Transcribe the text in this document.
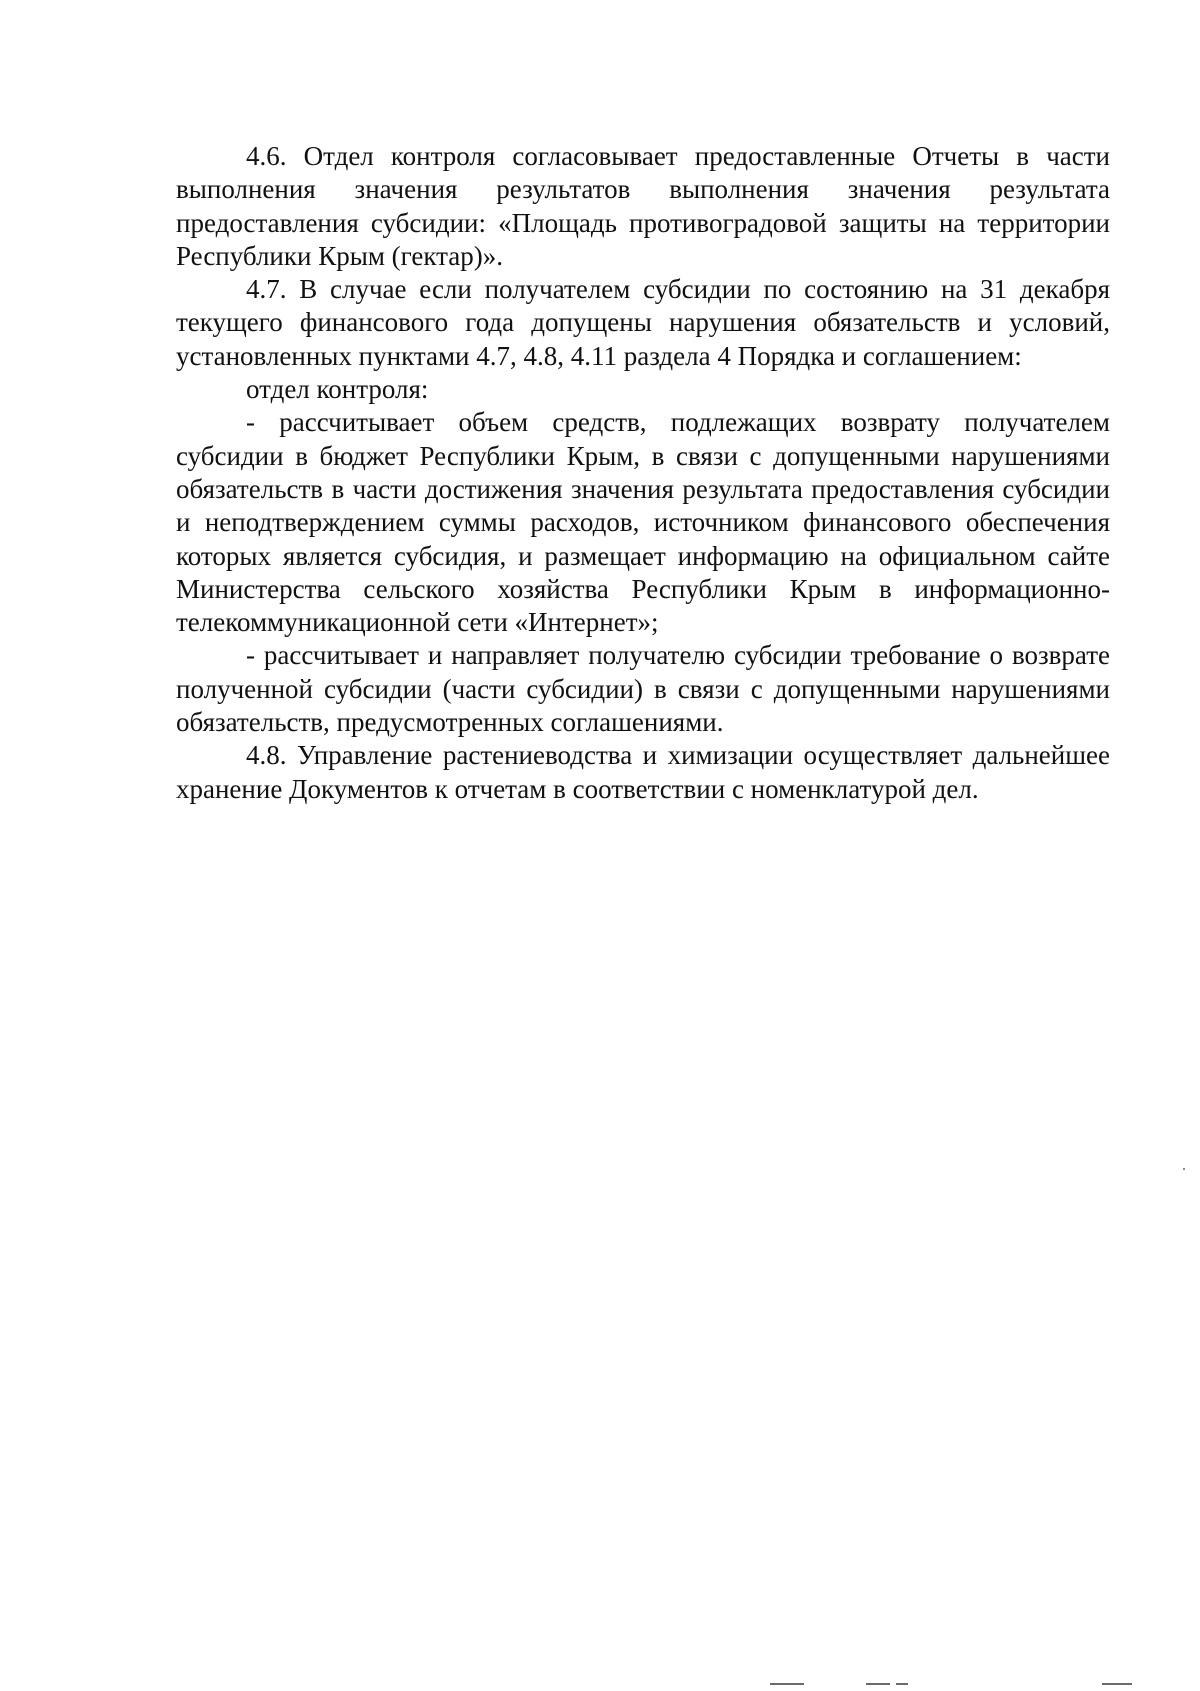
4.6. Отдел контроля согласовывает предоставленные Отчеты в части выполнения значения результатов выполнения значения результата предоставления субсидии: «Площадь противоградовой защиты на территории Республики Крым (гектар)».

4.7. В случае если получателем субсидии по состоянию на 31 декабря текущего финансового года допущены нарушения обязательств и условий, установленных пунктами 4.7, 4.8, 4.11 раздела 4 Порядка и соглашением:

отдел контроля:

- рассчитывает объем средств, подлежащих возврату получателем субсидии в бюджет Республики Крым, в связи с допущенными нарушениями обязательств в части достижения значения результата предоставления субсидии и неподтверждением суммы расходов, источником финансового обеспечения которых является субсидия, и размещает информацию на официальном сайте Министерства сельского хозяйства Республики Крым в информационно-телекоммуникационной сети «Интернет»;

- рассчитывает и направляет получателю субсидии требование о возврате полученной субсидии (части субсидии) в связи с допущенными нарушениями обязательств, предусмотренных соглашениями.

4.8. Управление растениеводства и химизации осуществляет дальнейшее хранение Документов к отчетам в соответствии с номенклатурой дел.
